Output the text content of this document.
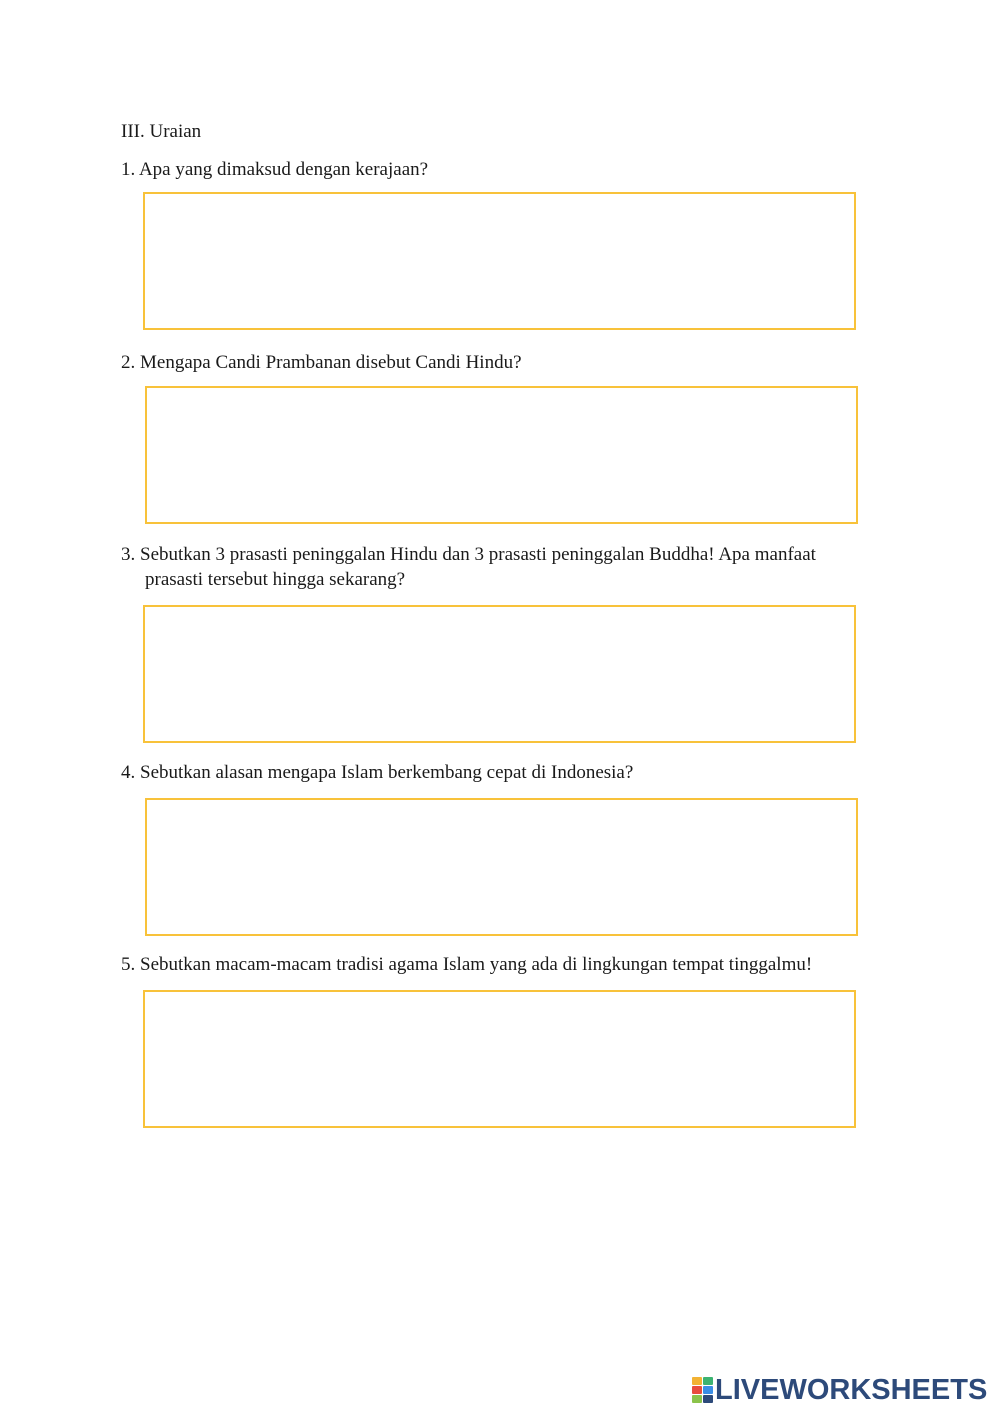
III. Uraian
1. Apa yang dimaksud dengan kerajaan?
2. Mengapa Candi Prambanan disebut Candi Hindu?
3. Sebutkan 3 prasasti peninggalan Hindu dan 3 prasasti peninggalan Buddha! Apa manfaat
prasasti tersebut hingga sekarang?
4. Sebutkan alasan mengapa Islam berkembang cepat di Indonesia?
5. Sebutkan macam-macam tradisi agama Islam yang ada di lingkungan tempat tinggalmu!
LIVEWORKSHEETS
